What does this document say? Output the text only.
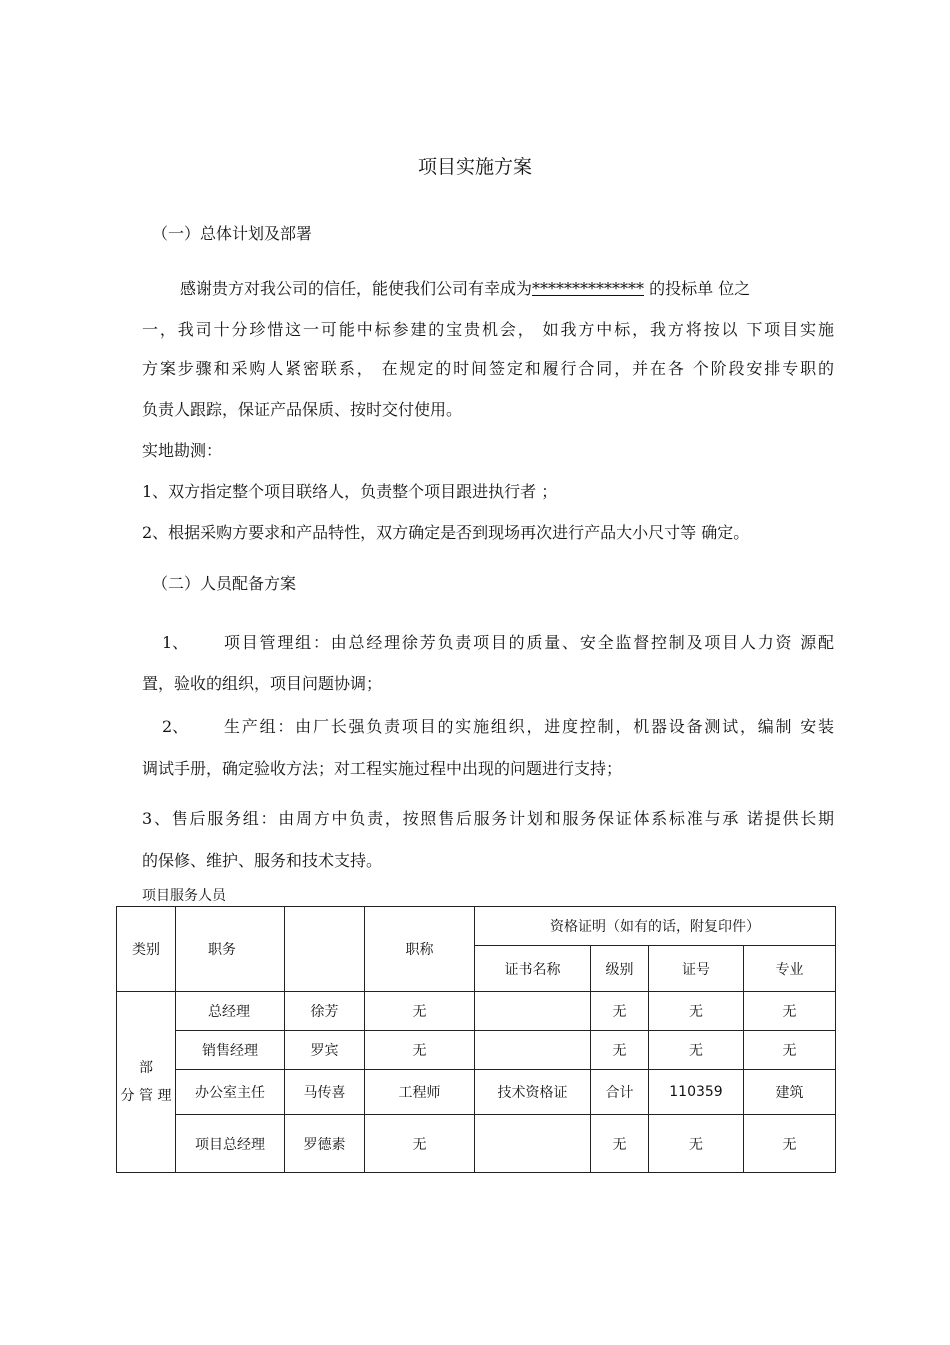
项目实施方案
（一）总体计划及部署
感谢贵方对我公司的信任，能使我们公司有幸成为************** 的投标单 位之
一，我司十分珍惜这一可能中标参建的宝贵机会， 如我方中标，我方将按以 下项目实施
方案步骤和采购人紧密联系， 在规定的时间签定和履行合同，并在各 个阶段安排专职的
负责人跟踪，保证产品保质、按时交付使用。
实地勘测：
1、双方指定整个项目联络人，负责整个项目跟进执行者 ；
2、根据采购方要求和产品特性，双方确定是否到现场再次进行产品大小尺寸等 确定。
（二）人员配备方案
1、 项目管理组：由总经理徐芳负责项目的质量、安全监督控制及项目人力资 源配
置，验收的组织，项目问题协调；
2、 生产组：由厂长强负责项目的实施组织，进度控制，机器设备测试，编制 安装
调试手册，确定验收方法；对工程实施过程中出现的问题进行支持；
3、售后服务组：由周方中负责，按照售后服务计划和服务保证体系标准与承 诺提供长期
的保修、维护、服务和技术支持。
项目服务人员
类别	职务		职称	资格证明（如有的话，附复印件）			
				证书名称	级别	证号	专业

部
分 管 理	总经理	徐芳	无		无	无	无
	销售经理	罗宾	无		无	无	无
	办公室主任	马传喜	工程师	技术资格证	合计	110359	建筑
	项目总经理	罗德素	无		无	无	无
